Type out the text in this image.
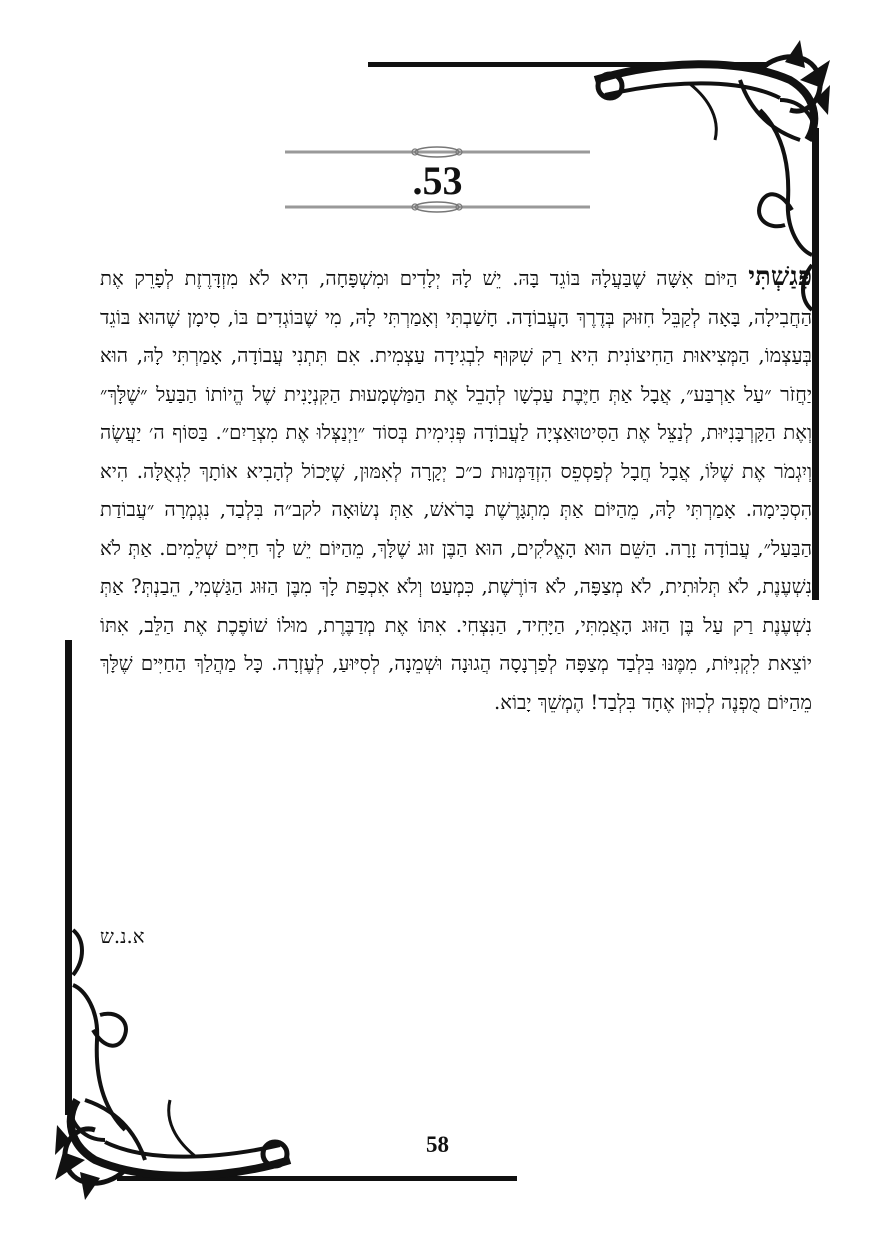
.53
פָּגַשְׁתִּי הַיּוֹם אִשָּׁה שֶׁבַּעֲלָהּ בּוֹגֵד בָּהּ. יֵשׁ לָהּ יְלָדִים וּמִשְׁפָּחָה, הִיא לֹא מִזְדָּרֶזֶת לְפָרֵק אֶת הַחֲבִילָה, בָּאָה לְקַבֵּל חִזּוּק בְּדֶרֶךְ הָעֲבוֹדָה. חָשַׁבְתִּי וְאָמַרְתִּי לָהּ, מִי שֶׁבּוֹגְדִים בּוֹ, סִימָן שֶׁהוּא בּוֹגֵד בְּעַצְמוֹ, הַמְּצִיאוּת הַחִיצוֹנִית הִיא רַק שִׁקּוּף לִבְגִידָה עַצְמִית. אִם תִּתְנִי עֲבוֹדָה, אָמַרְתִּי לָהּ, הוּא יַחֲזֹר ״עַל אַרְבַּע״, אֲבָל אַתְּ חַיֶּבֶת עַכְשָׁו לְהָבֵל אֶת הַמַּשְׁמָעוּת הַקִּנְיָנִית שֶׁל הֱיוֹתוֹ הַבַּעַל ״שֶׁלָּךְ״ וְאֶת הַקָּרְבָּנִיּוּת, לְנַצֵּל אֶת הַסִּיטוּאַצְיָה לַעֲבוֹדָה פְּנִימִית בְּסוֹד ״וַיְנַצְּלוּ אֶת מִצְרַיִם״. בַּסּוֹף ה׳ יַעֲשֶׂה וְיִגְמֹר אֶת שֶׁלּוֹ, אֲבָל חֲבָל לְפַסְפֵס הִזְדַּמְּנוּת כ״כ יְקָרָה לְאִמּוּן, שֶׁיָּכוֹל לְהָבִיא אוֹתָךְ לִגְאֻלָּה. הִיא הִסְכִּימָה. אָמַרְתִּי לָהּ, מֵהַיּוֹם אַתְּ מִתְגָּרֶשֶׁת בָּרֹאשׁ, אַתְּ נְשׂוּאָה לקב״ה בִּלְבַד, נִגְמְרָה ״עֲבוֹדַת הַבַּעַל״, עֲבוֹדָה זָרָה. הַשֵּׁם הוּא הָאֱלֹקִים, הוּא הַבֶּן זוּג שֶׁלָּךְ, מֵהַיּוֹם יֵשׁ לָךְ חַיִּים שְׁלֵמִים. אַתְּ לֹא נִשְׁעֶנֶת, לֹא תְּלוּתִית, לֹא מְצַפָּה, לֹא דּוֹרֶשֶׁת, כִּמְעַט וְלֹא אִכְפַּת לָךְ מִבֶּן הַזּוּג הַגַּשְׁמִי, הֵבַנְתְּ? אַתְּ נִשְׁעֶנֶת רַק עַל בֶּן הַזּוּג הָאֲמִתִּי, הַיָּחִיד, הַנִּצְחִי. אִתּוֹ אֶת מְדַבֶּרֶת, מוּלוֹ שׁוֹפֶכֶת אֶת הַלֵּב, אִתּוֹ יוֹצֵאת לִקְנִיּוֹת, מִמֶּנּוּ בִּלְבַד מְצַפָּה לְפַרְנָסָה הֲגוּנָה וּשְׁמֵנָה, לְסִיּוּעַ, לְעֶזְרָה. כָּל מַהֲלַךְ הַחַיִּים שֶׁלָּךְ מֵהַיּוֹם מֻפְנֶה לְכִוּוּן אֶחָד בִּלְבַד! הֶמְשֵׁךְ יָבוֹא.
א.נ.ש
58
